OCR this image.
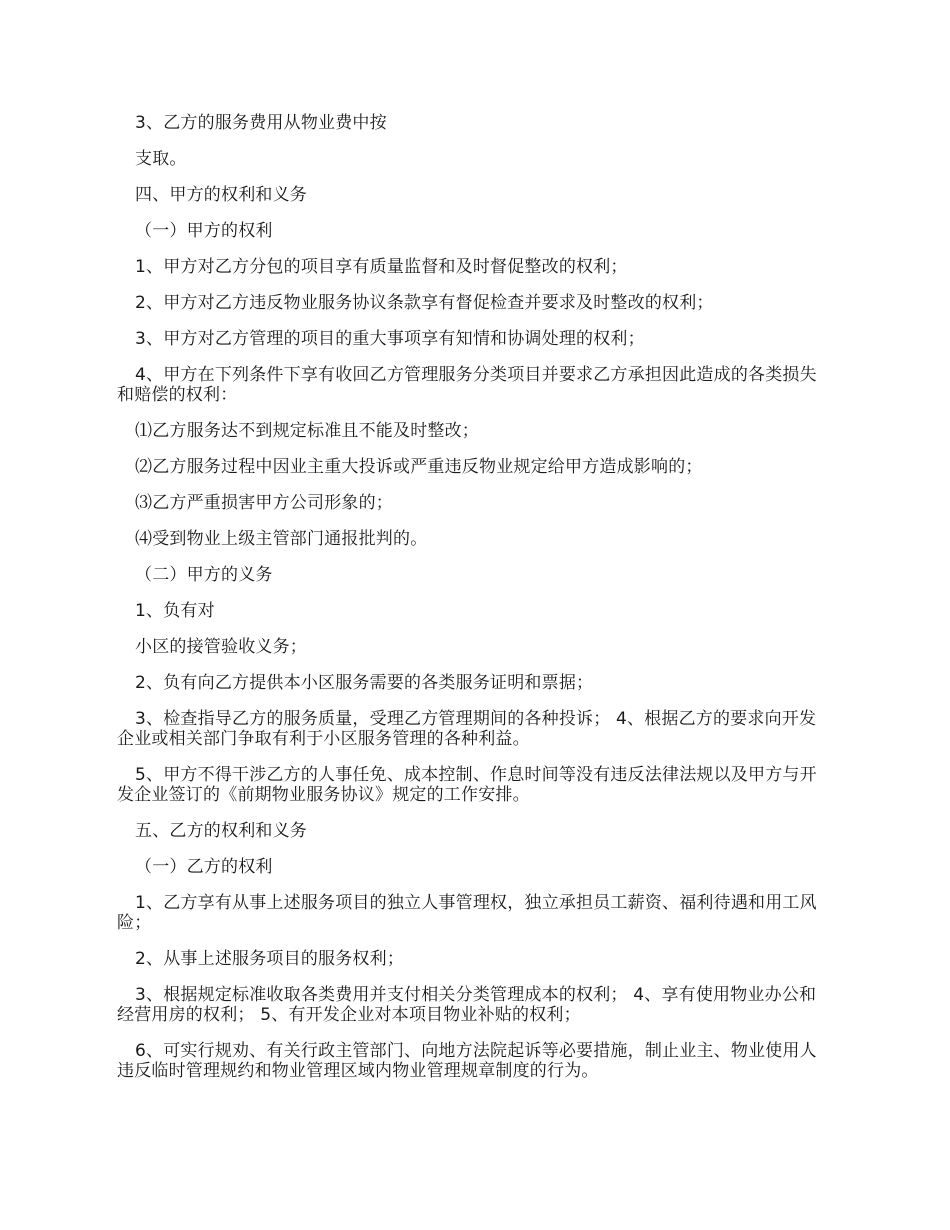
3、乙方的服务费用从物业费中按

支取。

四、甲方的权利和义务

（一）甲方的权利

1、甲方对乙方分包的项目享有质量监督和及时督促整改的权利；

2、甲方对乙方违反物业服务协议条款享有督促检查并要求及时整改的权利；

3、甲方对乙方管理的项目的重大事项享有知情和协调处理的权利；

4、甲方在下列条件下享有收回乙方管理服务分类项目并要求乙方承担因此造成的各类损失和赔偿的权利：

⑴乙方服务达不到规定标准且不能及时整改；

⑵乙方服务过程中因业主重大投诉或严重违反物业规定给甲方造成影响的；

⑶乙方严重损害甲方公司形象的；

⑷受到物业上级主管部门通报批判的。

（二）甲方的义务

1、负有对

小区的接管验收义务；

2、负有向乙方提供本小区服务需要的各类服务证明和票据；

3、检查指导乙方的服务质量，受理乙方管理期间的各种投诉； 4、根据乙方的要求向开发企业或相关部门争取有利于小区服务管理的各种利益。

5、甲方不得干涉乙方的人事任免、成本控制、作息时间等没有违反法律法规以及甲方与开发企业签订的《前期物业服务协议》规定的工作安排。

五、乙方的权利和义务

（一）乙方的权利

1、乙方享有从事上述服务项目的独立人事管理权，独立承担员工薪资、福利待遇和用工风险；

2、从事上述服务项目的服务权利；

3、根据规定标准收取各类费用并支付相关分类管理成本的权利； 4、享有使用物业办公和经营用房的权利； 5、有开发企业对本项目物业补贴的权利；

6、可实行规劝、有关行政主管部门、向地方法院起诉等必要措施，制止业主、物业使用人违反临时管理规约和物业管理区域内物业管理规章制度的行为。
